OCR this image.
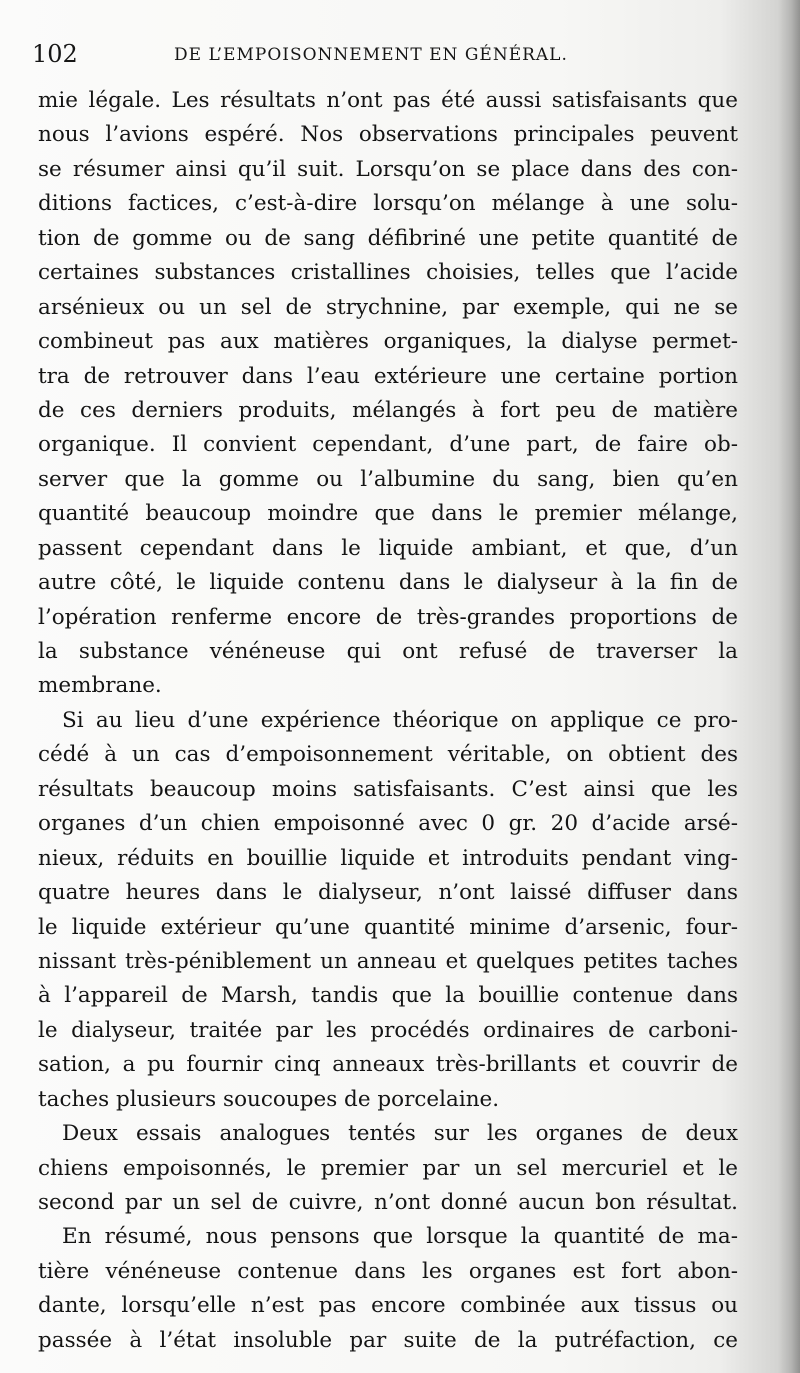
102	DE L’EMPOISONNEMENT EN GÉNÉRAL.
mie légale. Les résultats n’ont pas été aussi satisfaisants que
nous l’avions espéré. Nos observations principales peuvent
se résumer ainsi qu’il suit. Lorsqu’on se place dans des con-
ditions factices, c’est-à-dire lorsqu’on mélange à une solu-
tion de gomme ou de sang défibriné une petite quantité de
certaines substances cristallines choisies, telles que l’acide
arsénieux ou un sel de strychnine, par exemple, qui ne se
combineut pas aux matières organiques, la dialyse permet-
tra de retrouver dans l’eau extérieure une certaine portion
de ces derniers produits, mélangés à fort peu de matière
organique. Il convient cependant, d’une part, de faire ob-
server que la gomme ou l’albumine du sang, bien qu’en
quantité beaucoup moindre que dans le premier mélange,
passent cependant dans le liquide ambiant, et que, d’un
autre côté, le liquide contenu dans le dialyseur à la fin de
l’opération renferme encore de très-grandes proportions de
la substance vénéneuse qui ont refusé de traverser la
membrane.
Si au lieu d’une expérience théorique on applique ce pro-
cédé à un cas d’empoisonnement véritable, on obtient des
résultats beaucoup moins satisfaisants. C’est ainsi que les
organes d’un chien empoisonné avec 0 gr. 20 d’acide arsé-
nieux, réduits en bouillie liquide et introduits pendant ving-
quatre heures dans le dialyseur, n’ont laissé diffuser dans
le liquide extérieur qu’une quantité minime d’arsenic, four-
nissant très-péniblement un anneau et quelques petites taches
à l’appareil de Marsh, tandis que la bouillie contenue dans
le dialyseur, traitée par les procédés ordinaires de carboni-
sation, a pu fournir cinq anneaux très-brillants et couvrir de
taches plusieurs soucoupes de porcelaine.
Deux essais analogues tentés sur les organes de deux
chiens empoisonnés, le premier par un sel mercuriel et le
second par un sel de cuivre, n’ont donné aucun bon résultat.
En résumé, nous pensons que lorsque la quantité de ma-
tière vénéneuse contenue dans les organes est fort abon-
dante, lorsqu’elle n’est pas encore combinée aux tissus ou
passée à l’état insoluble par suite de la putréfaction, ce
